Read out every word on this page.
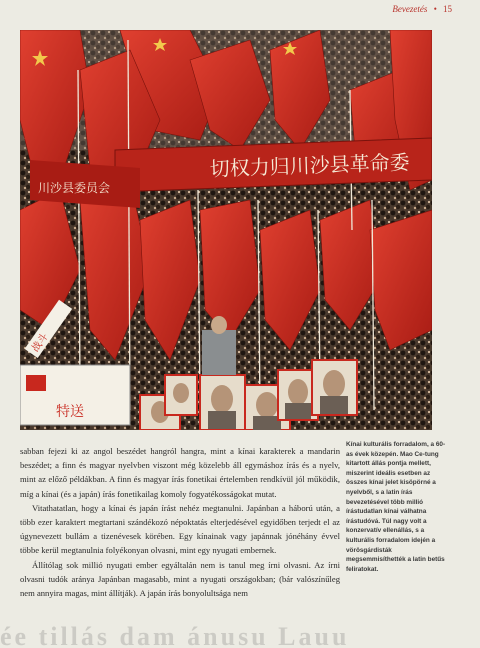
Bevezetés • 15
切权力归川沙县革命委
川沙县委员会
特送
战斗

sabban fejezi ki az angol beszédet hangról hangra, mint a kínai karakterek a mandarin beszédet; a finn és magyar nyelvben viszont még közelebb áll egymáshoz írás és a nyelv, mint az előző példákban. A finn és magyar írás fonetikai értelemben rendkívül jól működik, míg a kínai (és a japán) írás fonetikailag komoly fogyatékosságokat mutat.

Vitathatatlan, hogy a kínai és japán írást nehéz megtanulni. Japánban a háború után, a több ezer karaktert megtartani szándékozó népoktatás elterjedésével egyidőben terjedt el az úgynevezett bullám a tizenévesek körében. Egy kínainak vagy japánnak jónéhány évvel többe kerül megtanulnia folyékonyan olvasni, mint egy nyugati embernek.

Állítólag sok millió nyugati ember egyáltalán nem is tanul meg írni olvasni. Az írni olvasni tudók aránya Japánban magasabb, mint a nyugati országokban; (bár valószínűleg nem annyira magas, mint állítják). A japán írás bonyolultsága nem

Kínai kulturális forradalom, a 60-as évek közepén. Mao Ce-tung kitartott állás pontja mellett, miszerint ideális esetben az összes kínai jelet kisöpörné a nyelvből, s a latin írás bevezetésével több millió írástudatlan kínai válhatna írástudóvá. Túl nagy volt a konzervatív ellenállás, s a kulturális forradalom idején a vörösgárdisták megsemmisíthették a latin betűs feliratokat.
ée tillás dam ánusu Lauu
